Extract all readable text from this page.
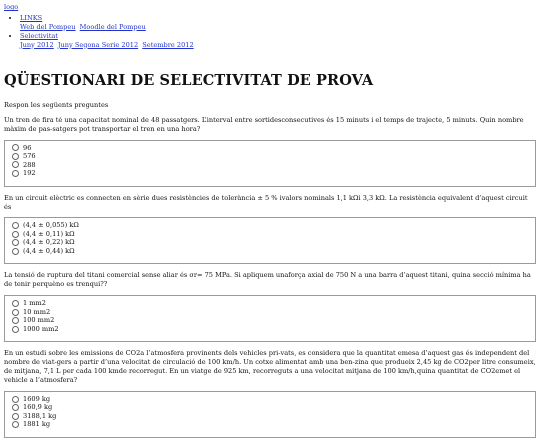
logo
• LINKS
Web del Pompeu Moodle del Pompeu
• Selectivitat
Juny 2012 Juny Segona Serie 2012 Setembre 2012
QÜESTIONARI DE SELECTIVITAT DE PROVA

Respon les següents preguntes

Un tren de fira té una capacitat nominal de 48 passatgers. L’interval entre sortidesconsecutives és 15 minuts i el temps de trajecte, 5 minuts. Quin nombre màxim de pas-satgers pot transportar el tren en una hora?

96
576
288
192

En un circuit elèctric es connecten en sèrie dues resistències de tolerància ± 5 % ivalors nominals 1,1 kΩi 3,3 kΩ. La resistència equivalent d’aquest circuit és

(4,4 ± 0,055) kΩ
(4,4 ± 0,11) kΩ
(4,4 ± 0,22) kΩ
(4,4 ± 0,44) kΩ

La tensió de ruptura del titani comercial sense aliar és σr= 75 MPa. Si apliquem unaforça axial de 750 N a una barra d’aquest titani, quina secció mínima ha de tenir perquèno es trenqui??

1 mm2
10 mm2
100 mm2
1000 mm2

En un estudi sobre les emissions de CO2a l’atmosfera provinents dels vehicles pri-vats, es considera que la quantitat emesa d’aquest gas és independent del nombre de viat-gers a partir d’una velocitat de circulació de 100 km/h. Un cotxe alimentat amb una ben-zina que produeix 2,45 kg de CO2per litre consumeix, de mitjana, 7,1 L per cada 100 kmde recorregut. En un viatge de 925 km, recorreguts a una velocitat mitjana de 100 km/h,quina quantitat de CO2emet el vehicle a l’atmosfera?

1609 kg
160,9 kg
3188,1 kg
1881 kg
